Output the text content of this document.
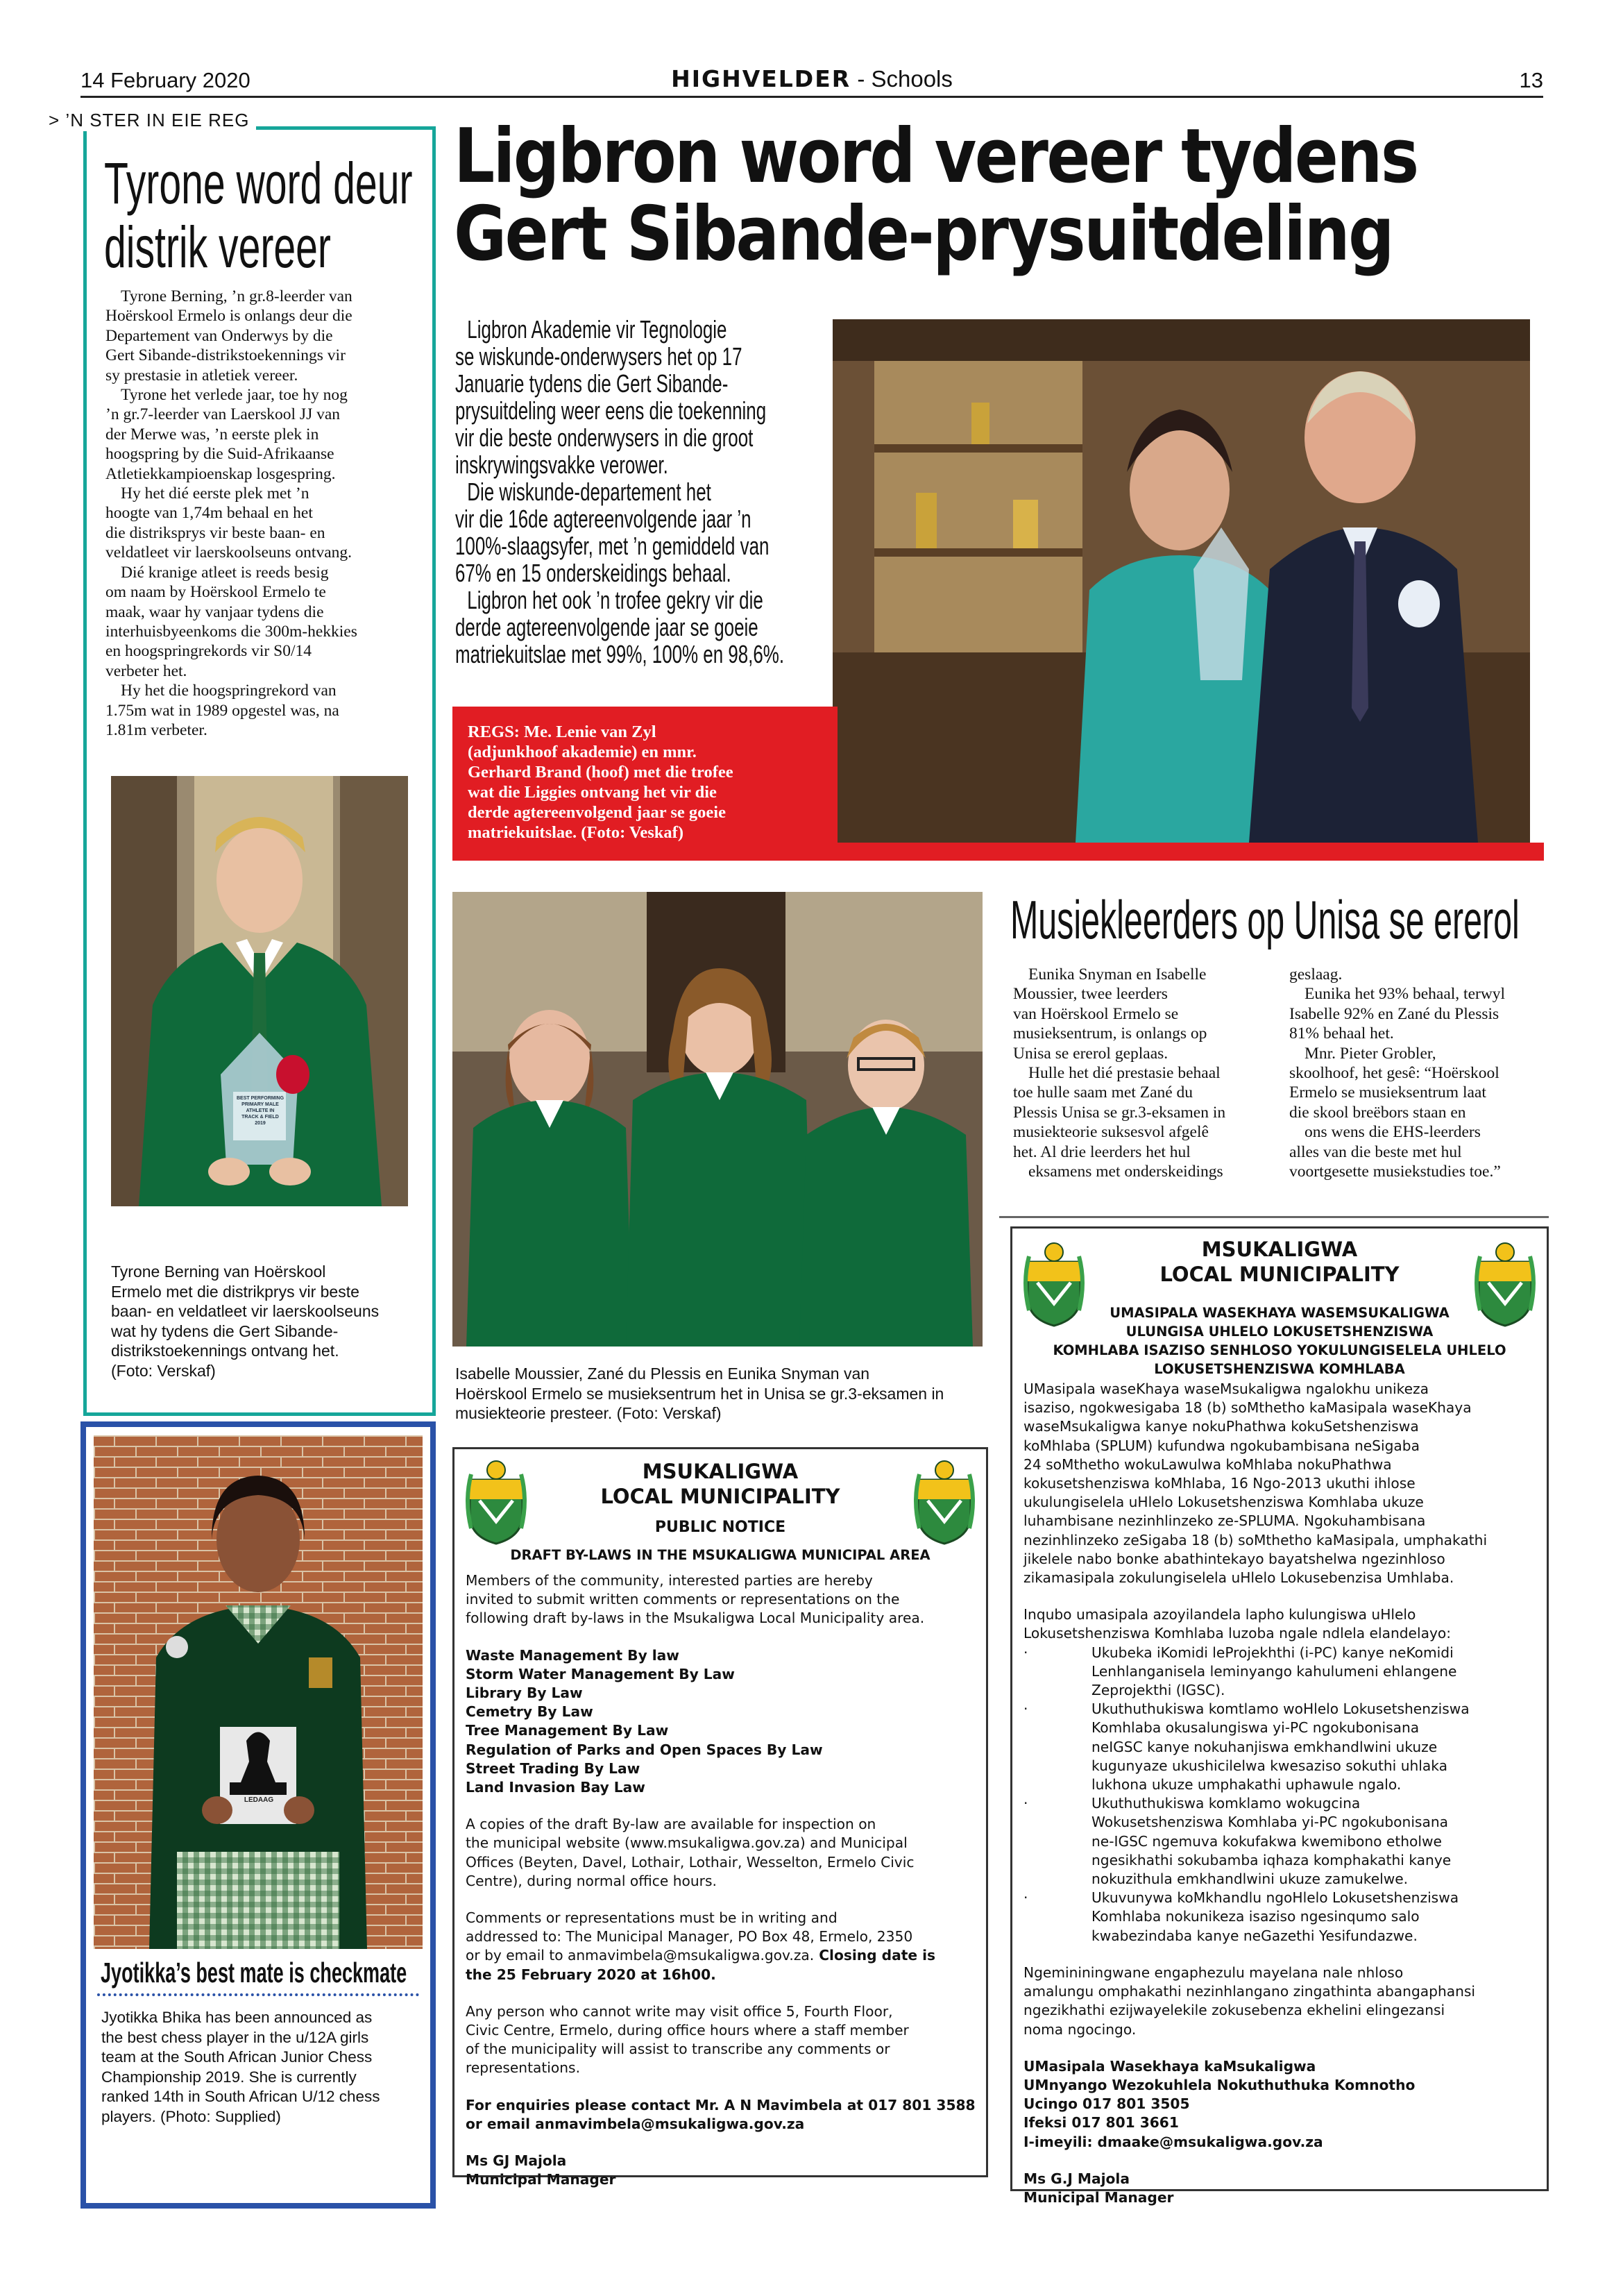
14 February 2020	HIGHVELDER - Schools	13
> ’N STER IN EIE REG
Tyrone word deur
distrik vereer
Tyrone Berning, ’n gr.8-leerder van
Hoërskool Ermelo is onlangs deur die
Departement van Onderwys by die
Gert Sibande-distrikstoekennings vir
sy prestasie in atletiek vereer.
Tyrone het verlede jaar, toe hy nog
’n gr.7-leerder van Laerskool JJ van
der Merwe was, ’n eerste plek in
hoogspring by die Suid-Afrikaanse
Atletiekkampioenskap losgespring.
Hy het dié eerste plek met ’n
hoogte van 1,74m behaal en het
die distriksprys vir beste baan- en
veldatleet vir laerskoolseuns ontvang.
Dié kranige atleet is reeds besig
om naam by Hoërskool Ermelo te
maak, waar hy vanjaar tydens die
interhuisbyeenkoms die 300m-hekkies
en hoogspringrekords vir S0/14
verbeter het.
Hy het die hoogspringrekord van
1.75m wat in 1989 opgestel was, na
1.81m verbeter.
BEST PERFORMING
PRIMARY MALE
ATHLETE IN
TRACK & FIELD
2019
Tyrone Berning van Hoërskool
Ermelo met die distrikprys vir beste
baan- en veldatleet vir laerskoolseuns
wat hy tydens die Gert Sibande-
distrikstoekennings ontvang het.
(Foto: Verskaf)
Ligbron word vereer tydens
Gert Sibande-prysuitdeling
Ligbron Akademie vir Tegnologie
se wiskunde-onderwysers het op 17
Januarie tydens die Gert Sibande-
prysuitdeling weer eens die toekenning
vir die beste onderwysers in die groot
inskrywingsvakke verower.
Die wiskunde-departement het
vir die 16de agtereenvolgende jaar ’n
100%-slaagsyfer, met ’n gemiddeld van
67% en 15 onderskeidings behaal.
Ligbron het ook ’n trofee gekry vir die
derde agtereenvolgende jaar se goeie
matriekuitslae met 99%, 100% en 98,6%.
REGS: Me. Lenie van Zyl
(adjunkhoof akademie) en mnr.
Gerhard Brand (hoof) met die trofee
wat die Liggies ontvang het vir die
derde agtereenvolgend jaar se goeie
matriekuitslae. (Foto: Veskaf)
Isabelle Moussier, Zané du Plessis en Eunika Snyman van
Hoërskool Ermelo se musieksentrum het in Unisa se gr.3-eksamen in
musiekteorie presteer. (Foto: Verskaf)
Musiekleerders op Unisa se ererol
Eunika Snyman en Isabelle
Moussier, twee leerders
van Hoërskool Ermelo se
musieksentrum, is onlangs op
Unisa se ererol geplaas.
Hulle het dié prestasie behaal
toe hulle saam met Zané du
Plessis Unisa se gr.3-eksamen in
musiekteorie suksesvol afgelê
het. Al drie leerders het hul
eksamens met onderskeidings
geslaag.
Eunika het 93% behaal, terwyl
Isabelle 92% en Zané du Plessis
81% behaal het.
Mnr. Pieter Grobler,
skoolhoof, het gesê: “Hoërskool
Ermelo se musieksentrum laat
die skool breëbors staan en
ons wens die EHS-leerders
alles van die beste met hul
voortgesette musiekstudies toe.”
LEDAAG
Jyotikka’s best mate is checkmate
Jyotikka Bhika has been announced as
the best chess player in the u/12A girls
team at the South African Junior Chess
Championship 2019. She is currently
ranked 14th in South African U/12 chess
players. (Photo: Supplied)
MSUKALIGWA
LOCAL MUNICIPALITY
PUBLIC NOTICE
DRAFT BY-LAWS IN THE MSUKALIGWA MUNICIPAL AREA
Members of the community, interested parties are hereby
invited to submit written comments or representations on the
following draft by-laws in the Msukaligwa Local Municipality area.
Waste Management By law
Storm Water Management By Law
Library By Law
Cemetry By Law
Tree Management By Law
Regulation of Parks and Open Spaces By Law
Street Trading By Law
Land Invasion Bay Law
A copies of the draft By-law are available for inspection on
the municipal website (www.msukaligwa.gov.za) and Municipal
Offices (Beyten, Davel, Lothair, Lothair, Wesselton, Ermelo Civic
Centre), during normal office hours.
Comments or representations must be in writing and
addressed to: The Municipal Manager, PO Box 48, Ermelo, 2350
or by email to anmavimbela@msukaligwa.gov.za. Closing date is
the 25 February 2020 at 16h00.
Any person who cannot write may visit office 5, Fourth Floor,
Civic Centre, Ermelo, during office hours where a staff member
of the municipality will assist to transcribe any comments or
representations.
For enquiries please contact Mr. A N Mavimbela at 017 801 3588
or email anmavimbela@msukaligwa.gov.za
Ms GJ Majola
Municipal Manager
MSUKALIGWA
LOCAL MUNICIPALITY
UMASIPALA WASEKHAYA WASEMSUKALIGWA
ULUNGISA UHLELO LOKUSETSHENZISWA
KOMHLABA ISAZISO SENHLOSO YOKULUNGISELELA UHLELO
LOKUSETSHENZISWA KOMHLABA
UMasipala waseKhaya waseMsukaligwa ngalokhu unikeza
isaziso, ngokwesigaba 18 (b) soMthetho kaMasipala waseKhaya
waseMsukaligwa kanye nokuPhathwa kokuSetshenziswa
koMhlaba (SPLUM) kufundwa ngokubambisana neSigaba
24 soMthetho wokuLawulwa koMhlaba nokuPhathwa
kokusetshenziswa koMhlaba, 16 Ngo-2013 ukuthi ihlose
ukulungiselela uHlelo Lokusetshenziswa Komhlaba ukuze
luhambisane nezinhlinzeko ze-SPLUMA. Ngokuhambisana
nezinhlinzeko zeSigaba 18 (b) soMthetho kaMasipala, umphakathi
jikelele nabo bonke abathintekayo bayatshelwa ngezinhloso
zikamasipala zokulungiselela uHlelo Lokusebenzisa Umhlaba.
Inqubo umasipala azoyilandela lapho kulungiswa uHlelo
Lokusetshenziswa Komhlaba luzoba ngale ndlela elandelayo:
·	Ukubeka iKomidi leProjekhthi (i-PC) kanye neKomidi
Lenhlanganisela leminyango kahulumeni ehlangene
Zeprojekthi (IGSC).
·	Ukuthuthukiswa komtlamo woHlelo Lokusetshenziswa
Komhlaba okusalungiswa yi-PC ngokubonisana
neIGSC kanye nokuhanjiswa emkhandlwini ukuze
kugunyaze ukushicilelwa kwesaziso sokuthi uhlaka
lukhona ukuze umphakathi uphawule ngalo.
·	Ukuthuthukiswa komklamo wokugcina
Wokusetshenziswa Komhlaba yi-PC ngokubonisana
ne-IGSC ngemuva kokufakwa kwemibono etholwe
ngesikhathi sokubamba iqhaza komphakathi kanye
nokuzithula emkhandlwini ukuze zamukelwe.
·	Ukuvunywa koMkhandlu ngoHlelo Lokusetshenziswa
Komhlaba nokunikeza isaziso ngesinqumo salo
kwabezindaba kanye neGazethi Yesifundazwe.
Ngemininingwane engaphezulu mayelana nale nhloso
amalungu omphakathi nezinhlangano zingathinta abangaphansi
ngezikhathi ezijwayelekile zokusebenza ekhelini elingezansi
noma ngocingo.
UMasipala Wasekhaya kaMsukaligwa
UMnyango Wezokuhlela Nokuthuthuka Komnotho
Ucingo 017 801 3505
Ifeksi 017 801 3661
I-imeyili: dmaake@msukaligwa.gov.za
Ms G.J Majola
Municipal Manager
